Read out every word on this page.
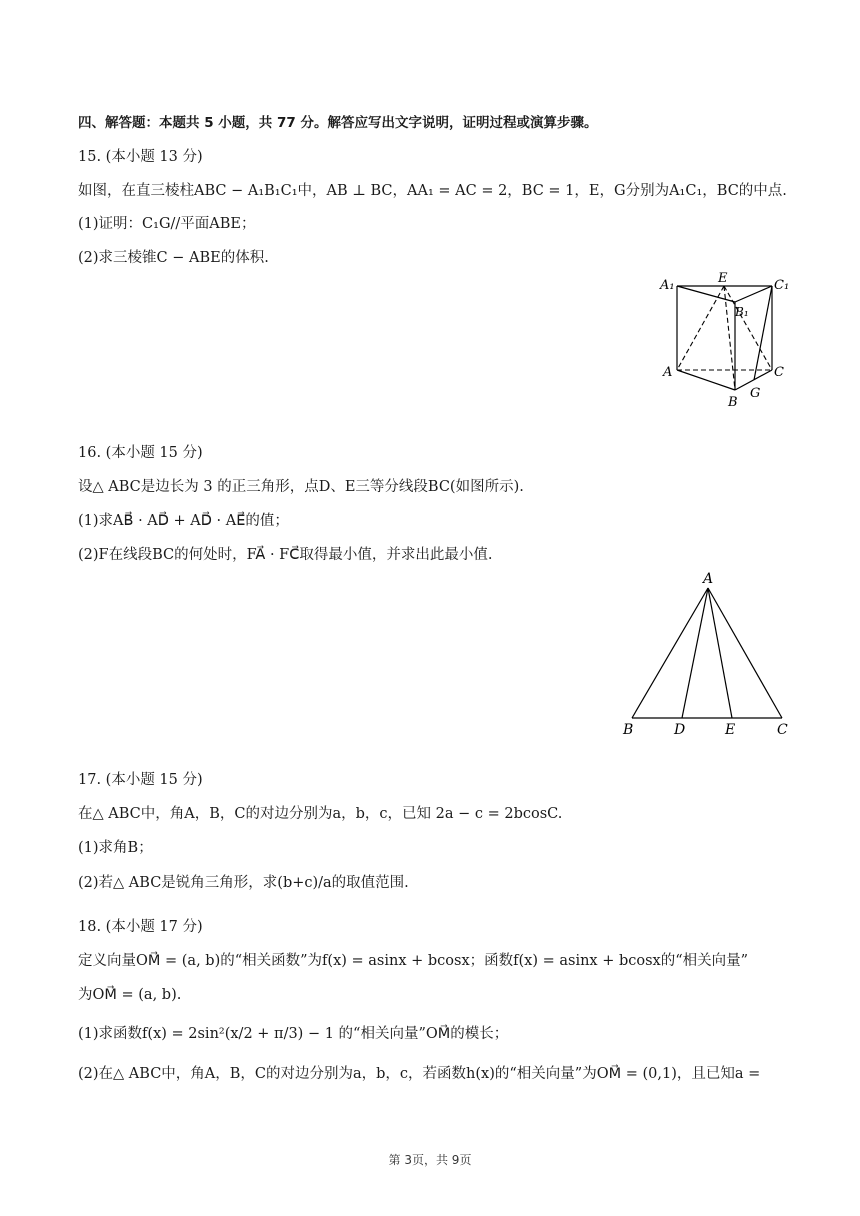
四、解答题：本题共 5 小题，共 77 分。解答应写出文字说明，证明过程或演算步骤。
15. (本小题 13 分)
如图，在直三棱柱ABC − A₁B₁C₁中，AB ⊥ BC，AA₁ = AC = 2，BC = 1，E，G分别为A₁C₁，BC的中点.
(1)证明：C₁G//平面ABE；
(2)求三棱锥C − ABE的体积.
A₁	E	C₁
B₁
A	C
B
G
16. (本小题 15 分)
设△ ABC是边长为 3 的正三角形，点D、E三等分线段BC(如图所示).
(1)求AB⃗ · AD⃗ + AD⃗ · AE⃗的值；
(2)F在线段BC的何处时，FA⃗ · FC⃗取得最小值，并求出此最小值.
A
B	D	E	C
17. (本小题 15 分)
在△ ABC中，角A，B，C的对边分别为a，b，c，已知 2a − c = 2bcosC.
(1)求角B；
(2)若△ ABC是锐角三角形，求(b+c)/a的取值范围.
18. (本小题 17 分)
定义向量OM⃗ = (a, b)的“相关函数”为f(x) = asinx + bcosx；函数f(x) = asinx + bcosx的“相关向量”
为OM⃗ = (a, b).
(1)求函数f(x) = 2sin²(x/2 + π/3) − 1 的“相关向量”OM⃗的模长；
(2)在△ ABC中，角A，B，C的对边分别为a，b，c，若函数h(x)的“相关向量”为OM⃗ = (0,1)，且已知a =
第 3页，共 9页
